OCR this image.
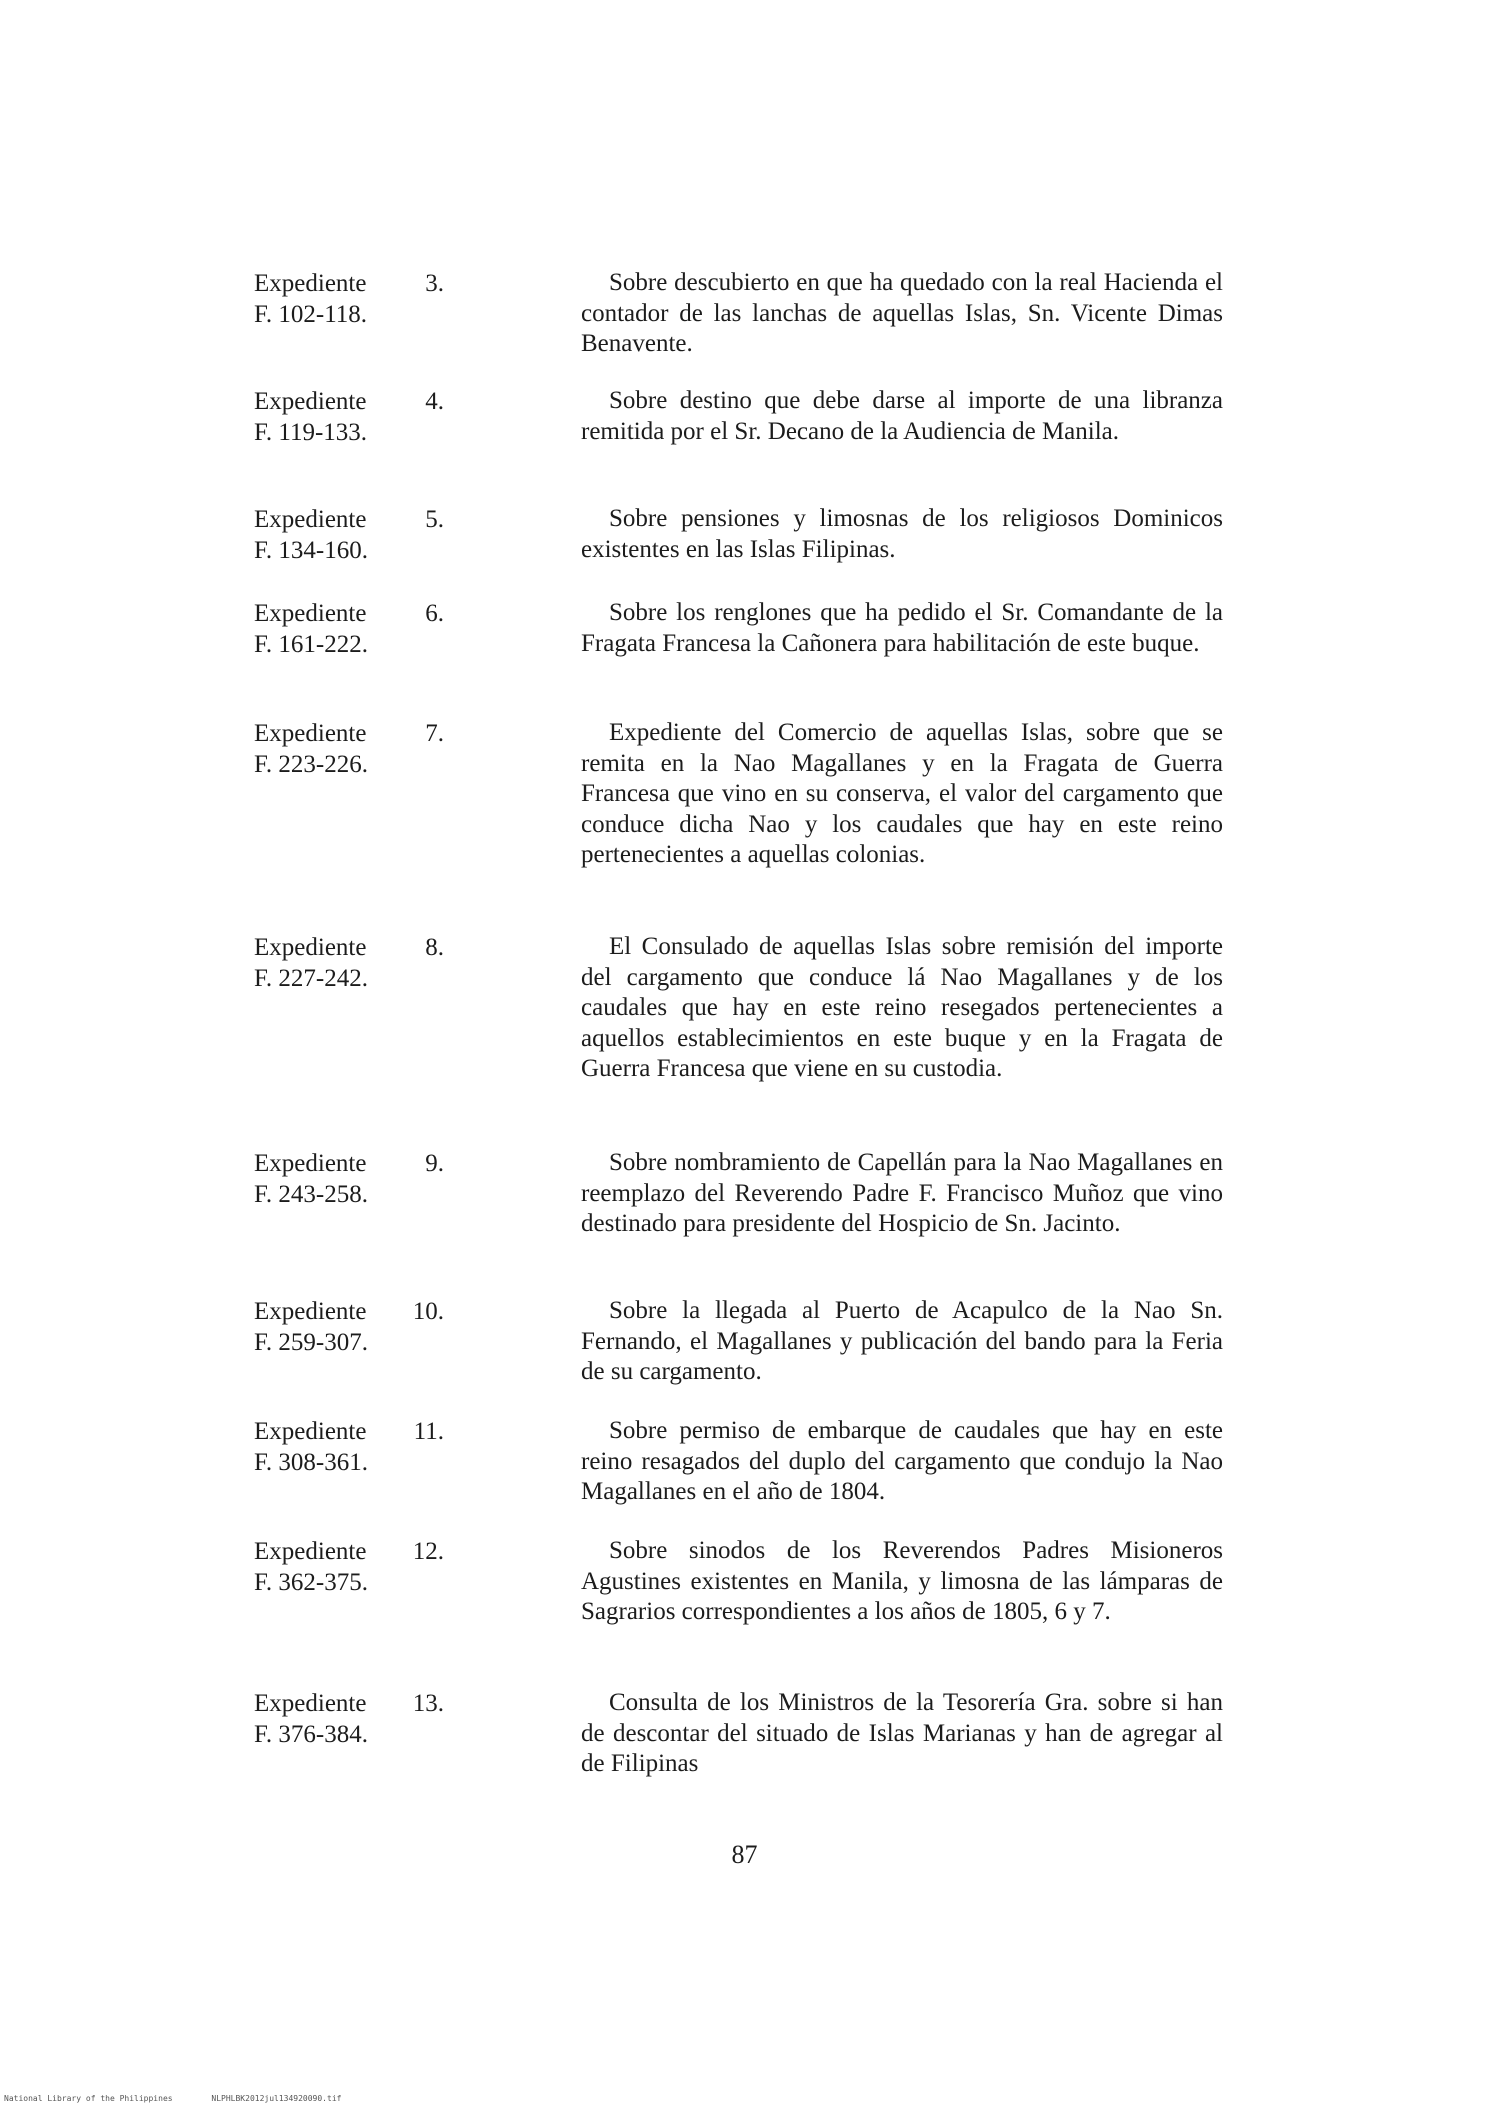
Expediente 3.
F. 102-118.
Sobre descubierto en que ha quedado con la real Hacienda el contador de las lanchas de aquellas Islas, Sn. Vicente Dimas Benavente.
Expediente 4.
F. 119-133.
Sobre destino que debe darse al importe de una libranza remitida por el Sr. Decano de la Audiencia de Manila.
Expediente 5.
F. 134-160.
Sobre pensiones y limosnas de los religiosos Dominicos existentes en las Islas Filipinas.
Expediente 6.
F. 161-222.
Sobre los renglones que ha pedido el Sr. Comandante de la Fragata Francesa la Cañonera para habilitación de este buque.
Expediente 7.
F. 223-226.
Expediente del Comercio de aquellas Islas, sobre que se remita en la Nao Magallanes y en la Fragata de Guerra Francesa que vino en su conserva, el valor del cargamento que conduce dicha Nao y los caudales que hay en este reino pertenecientes a aquellas colonias.
Expediente 8.
F. 227-242.
El Consulado de aquellas Islas sobre remisión del importe del cargamento que conduce lá Nao Magallanes y de los caudales que hay en este reino resegados pertenecientes a aquellos establecimientos en este buque y en la Fragata de Guerra Francesa que viene en su custodia.
Expediente 9.
F. 243-258.
Sobre nombramiento de Capellán para la Nao Magallanes en reemplazo del Reverendo Padre F. Francisco Muñoz que vino destinado para presidente del Hospicio de Sn. Jacinto.
Expediente 10.
F. 259-307.
Sobre la llegada al Puerto de Acapulco de la Nao Sn. Fernando, el Magallanes y publicación del bando para la Feria de su cargamento.
Expediente 11.
F. 308-361.
Sobre permiso de embarque de caudales que hay en este reino resagados del duplo del cargamento que condujo la Nao Magallanes en el año de 1804.
Expediente 12.
F. 362-375.
Sobre sinodos de los Reverendos Padres Misioneros Agustines existentes en Manila, y limosna de las lámparas de Sagrarios correspondientes a los años de 1805, 6 y 7.
Expediente 13.
F. 376-384.
Consulta de los Ministros de la Tesorería Gra. sobre si han de descontar del situado de Islas Marianas y han de agregar al de Filipinas
87
National Library of the Philippines	NLPHLBK2012jul134920090.tif
